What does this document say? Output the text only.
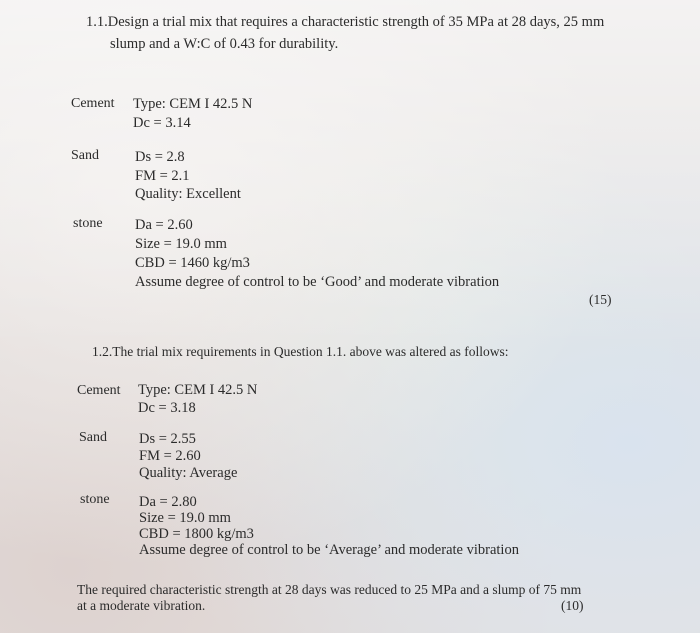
1.1.Design a trial mix that requires a characteristic strength of 35 MPa at 28 days, 25 mm
slump and a W:C of 0.43 for durability.
Cement Type: CEM I 42.5 N
Dc = 3.14
Sand Ds = 2.8
FM = 2.1
Quality: Excellent
stone Da = 2.60
Size = 19.0 mm
CBD = 1460 kg/m3
Assume degree of control to be ‘Good’ and moderate vibration
(15)
1.2.The trial mix requirements in Question 1.1. above was altered as follows:
Cement Type: CEM I 42.5 N
Dc = 3.18
Sand Ds = 2.55
FM = 2.60
Quality: Average
stone Da = 2.80
Size = 19.0 mm
CBD = 1800 kg/m3
Assume degree of control to be ‘Average’ and moderate vibration
The required characteristic strength at 28 days was reduced to 25 MPa and a slump of 75 mm
at a moderate vibration.	(10)
